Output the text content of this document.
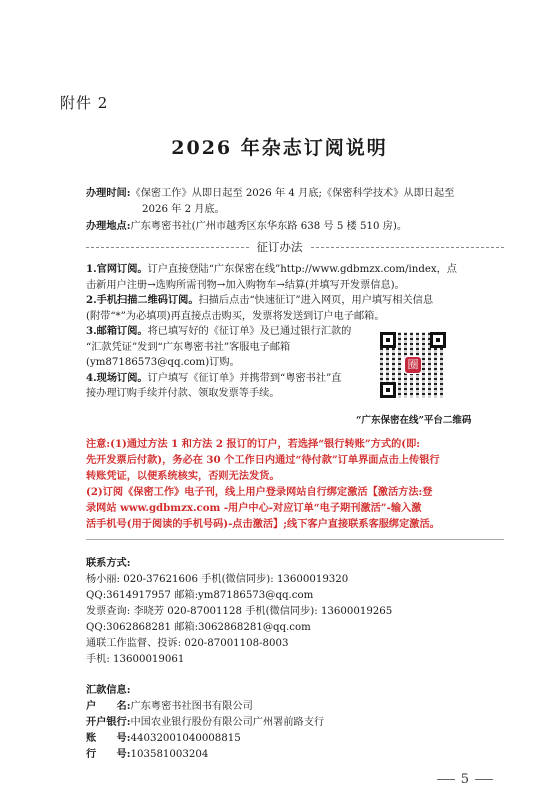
附件 2
2026 年杂志订阅说明
办理时间:《保密工作》从即日起至 2026 年 4 月底;《保密科学技术》从即日起至
2026 年 2 月底。
办理地点:广东粤密书社(广州市越秀区东华东路 638 号 5 楼 510 房)。
征订办法
1.官网订阅。订户直接登陆“广东保密在线”http://www.gdbmzx.com/index，点
击新用户注册→选购所需刊物→加入购物车→结算(并填写开发票信息)。
2.手机扫描二维码订阅。扫描后点击“快速征订”进入网页，用户填写相关信息
(附带“*”为必填项)再直接点击购买，发票将发送到订户电子邮箱。
3.邮箱订阅。将已填写好的《征订单》及已通过银行汇款的
“汇款凭证”发到“广东粤密书社”客服电子邮箱
(ym87186573@qq.com)订购。
4.现场订阅。订户填写《征订单》并携带到“粤密书社”直
接办理订购手续并付款、领取发票等手续。
圈
“广东保密在线”平台二维码
注意:(1)通过方法 1 和方法 2 报订的订户，若选择“银行转账”方式的(即:
先开发票后付款)，务必在 30 个工作日内通过“待付款”订单界面点击上传银行
转账凭证，以便系统核实，否则无法发货。
(2)订阅《保密工作》电子刊，线上用户登录网站自行绑定激活【激活方法:登
录网站 www.gdbmzx.com -用户中心-对应订单“电子期刊激活”-输入激
活手机号(用于阅读的手机号码)-点击激活】;线下客户直接联系客服绑定激活。
联系方式:
杨小丽: 020-37621606 手机(微信同步): 13600019320
QQ:3614917957 邮箱:ym87186573@qq.com
发票查询: 李晓芳 020-87001128 手机(微信同步): 13600019265
QQ:3062868281 邮箱:3062868281@qq.com
通联工作监督、投诉: 020-87001108-8003
手机: 13600019061
汇款信息:
户　　名:广东粤密书社图书有限公司
开户银行:中国农业银行股份有限公司广州署前路支行
账　　号:44032001040008815
行　　号:103581003204
5
